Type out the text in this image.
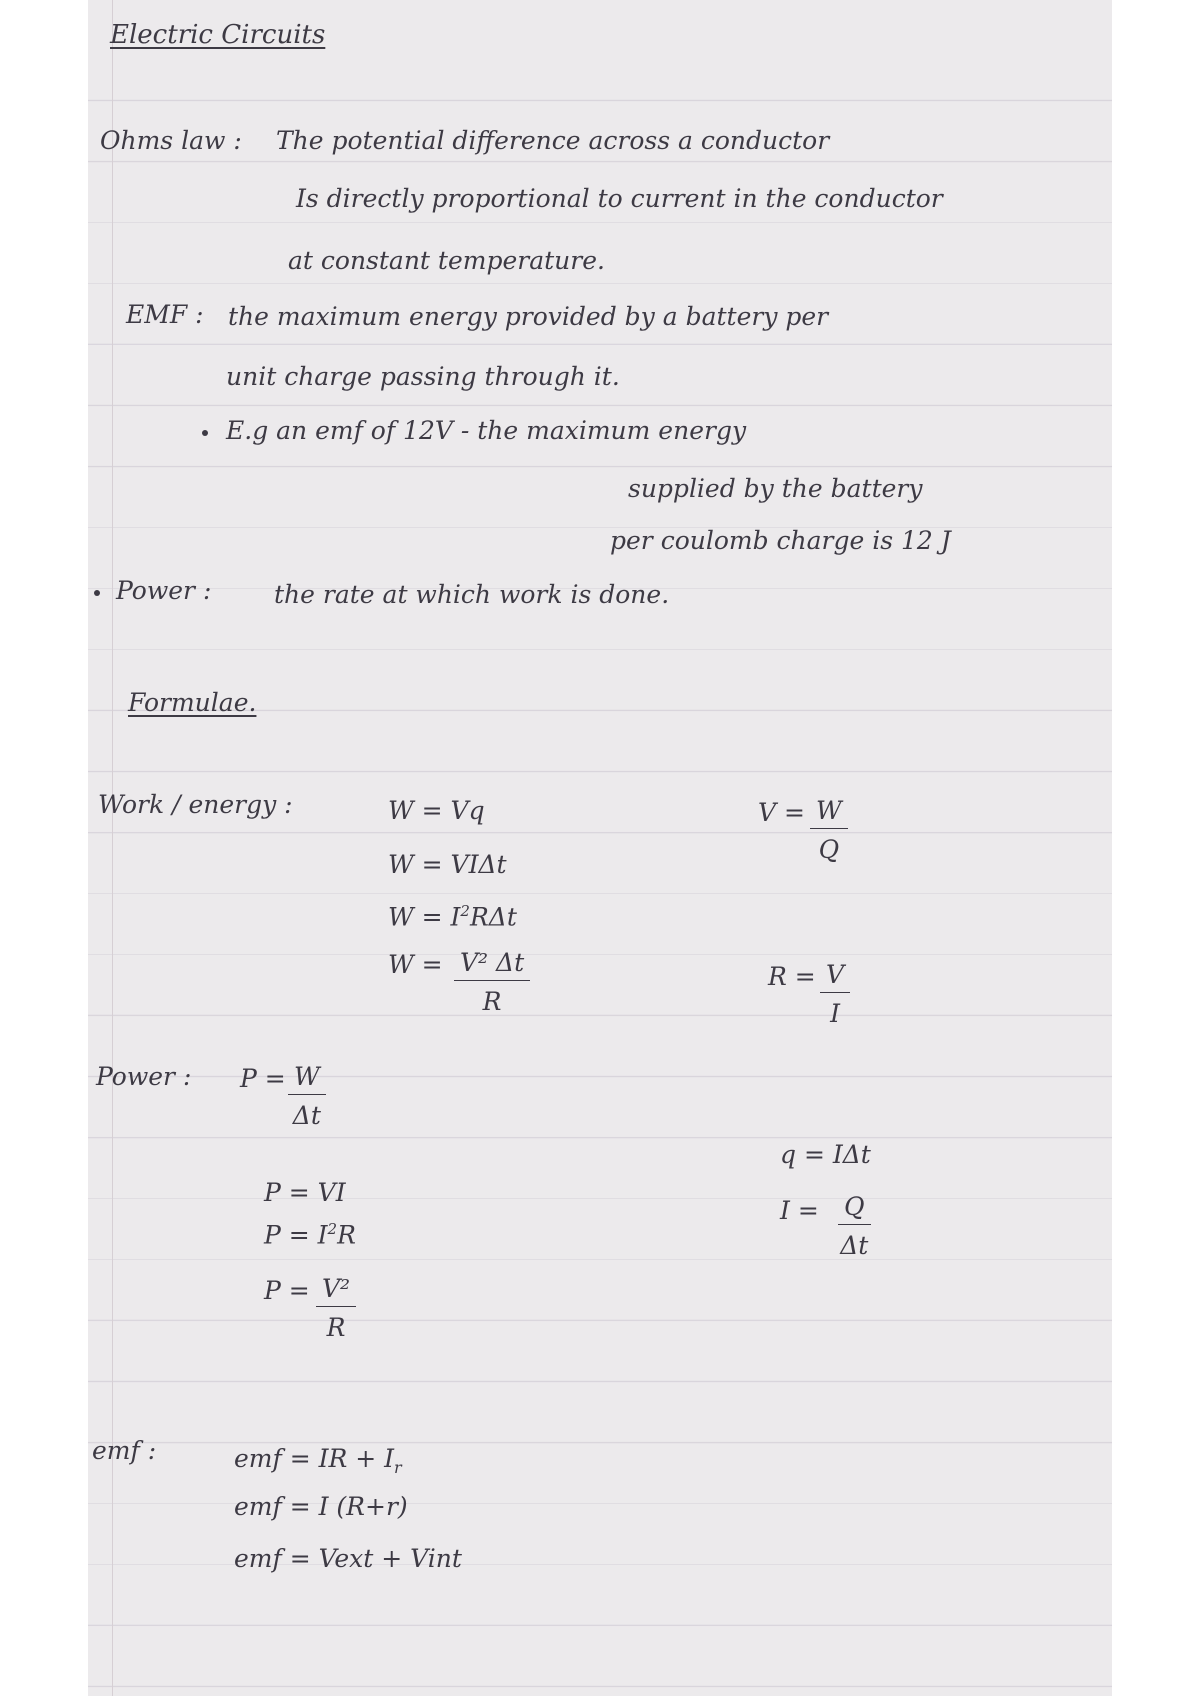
Electric Circuits
Ohms law : The potential difference across a conductor
Is directly proportional to current in the conductor
at constant temperature.
EMF : the maximum energy provided by a battery per
unit charge passing through it.
E.g an emf of 12V - the maximum energy
supplied by the battery
per coulomb charge is 12 J
Power :	the rate at which work is done.
Formulae.
Work / energy :	W = Vq
W = VIΔt
$W = I^2R\Delta t$
$W = \frac{\text{V² Δt}}{R}$
$V = \frac{W}{Q}$
$R = \frac{V}{I}$
q = IΔt
$I = \frac{Q}{\Delta t}$
Power : $P = \frac{W}{\Delta t}$
P = VI
$P = I^2R$
$P = \frac{\text{V²}}{R}$
emf :	emf = IR + $I_r$
emf = I (R+r)
emf = Vext + Vint
